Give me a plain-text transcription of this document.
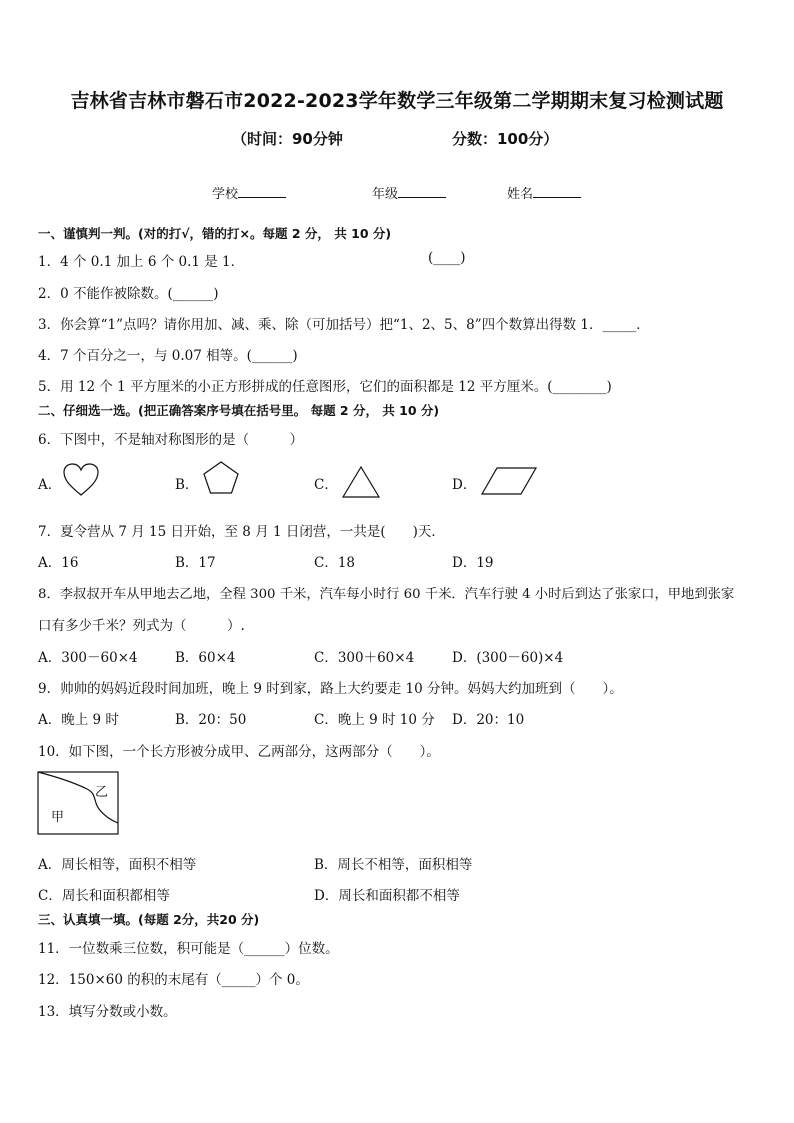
吉林省吉林市磐石市2022-2023学年数学三年级第二学期期末复习检测试题
（时间：90分钟	分数：100分）
学校	年级	姓名
一、谨慎判一判。(对的打√，错的打×。每题 2 分， 共 10 分)
1．4 个 0.1 加上 6 个 0.1 是 1．	(____)
2．0 不能作被除数。(______)
3．你会算“1”点吗？请你用加、减、乘、除（可加括号）把“1、2、5、8”四个数算出得数 1．_____．
4．7 个百分之一，与 0.07 相等。(______)
5．用 12 个 1 平方厘米的小正方形拼成的任意图形，它们的面积都是 12 平方厘米。(________)
二、仔细选一选。(把正确答案序号填在括号里。 每题 2 分， 共 10 分)
6．下图中，不是轴对称图形的是（　　　）
A．	B．	C．	D．
7．夏令营从 7 月 15 日开始，至 8 月 1 日闭营，一共是(　　)天．
A．16	B．17	C．18	D．19
8．李叔叔开车从甲地去乙地，全程 300 千米，汽车每小时行 60 千米．汽车行驶 4 小时后到达了张家口，甲地到张家
口有多少千米？列式为（　　　）.
A．300－60×4	B．60×4	C．300＋60×4	D．(300－60)×4
9．帅帅的妈妈近段时间加班，晚上 9 时到家，路上大约要走 10 分钟。妈妈大约加班到（　　）。
A．晚上 9 时	B．20：50	C．晚上 9 时 10 分 D．20：10
10．如下图，一个长方形被分成甲、乙两部分，这两部分（　　）。
甲
乙
A．周长相等，面积不相等	B．周长不相等，面积相等
C．周长和面积都相等	D．周长和面积都不相等
三、认真填一填。(每题 2分，共20 分)
11．一位数乘三位数，积可能是（______）位数。
12．150×60 的积的末尾有（_____）个 0。
13．填写分数或小数。
